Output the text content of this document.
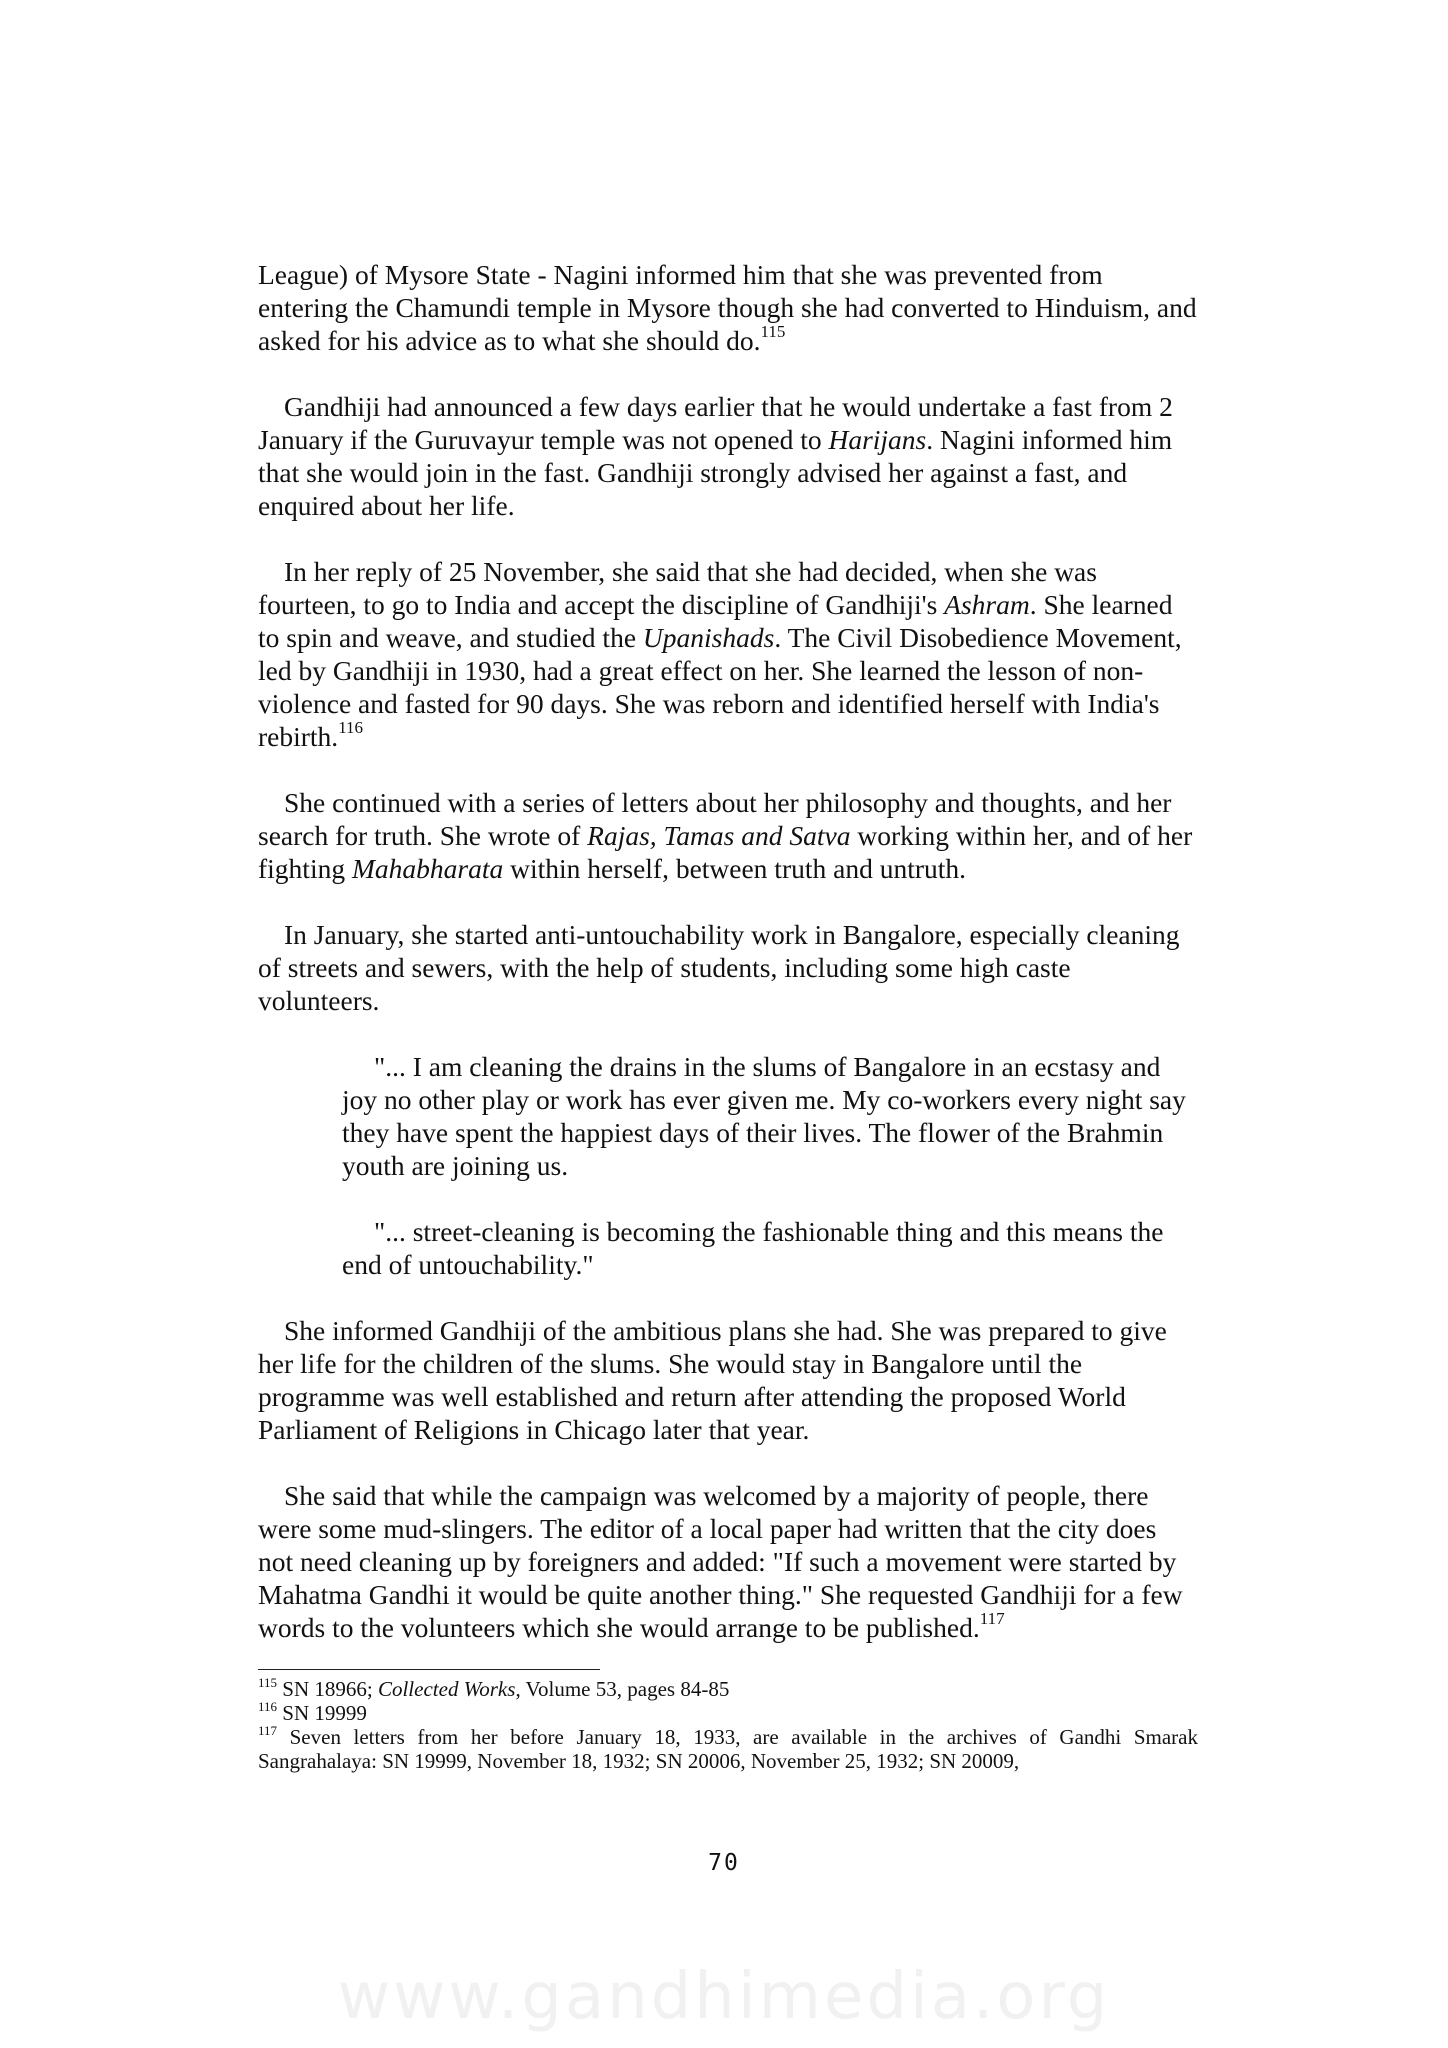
League) of Mysore State - Nagini informed him that she was prevented from entering the Chamundi temple in Mysore though she had converted to Hinduism, and asked for his advice as to what she should do.$^{115}$

Gandhiji had announced a few days earlier that he would undertake a fast from 2 January if the Guruvayur temple was not opened to Harijans. Nagini informed him that she would join in the fast. Gandhiji strongly advised her against a fast, and enquired about her life.

In her reply of 25 November, she said that she had decided, when she was fourteen, to go to India and accept the discipline of Gandhiji's Ashram. She learned to spin and weave, and studied the Upanishads. The Civil Disobedience Movement, led by Gandhiji in 1930, had a great effect on her. She learned the lesson of non-violence and fasted for 90 days. She was reborn and identified herself with India's rebirth.$^{116}$

She continued with a series of letters about her philosophy and thoughts, and her search for truth. She wrote of Rajas, Tamas and Satva working within her, and of her fighting Mahabharata within herself, between truth and untruth.

In January, she started anti-untouchability work in Bangalore, especially cleaning of streets and sewers, with the help of students, including some high caste volunteers.

"... I am cleaning the drains in the slums of Bangalore in an ecstasy and joy no other play or work has ever given me. My co-workers every night say they have spent the happiest days of their lives. The flower of the Brahmin youth are joining us.

"... street-cleaning is becoming the fashionable thing and this means the end of untouchability."

She informed Gandhiji of the ambitious plans she had. She was prepared to give her life for the children of the slums. She would stay in Bangalore until the programme was well established and return after attending the proposed World Parliament of Religions in Chicago later that year.

She said that while the campaign was welcomed by a majority of people, there were some mud-slingers. The editor of a local paper had written that the city does not need cleaning up by foreigners and added: "If such a movement were started by Mahatma Gandhi it would be quite another thing." She requested Gandhiji for a few words to the volunteers which she would arrange to be published.$^{117}$

$^{115}$ SN 18966; Collected Works, Volume 53, pages 84-85

$^{116}$ SN 19999

$^{117}$ Seven letters from her before January 18, 1933, are available in the archives of Gandhi Smarak Sangrahalaya: SN 19999, November 18, 1932; SN 20006, November 25, 1932; SN 20009,

70
www.gandhimedia.org
